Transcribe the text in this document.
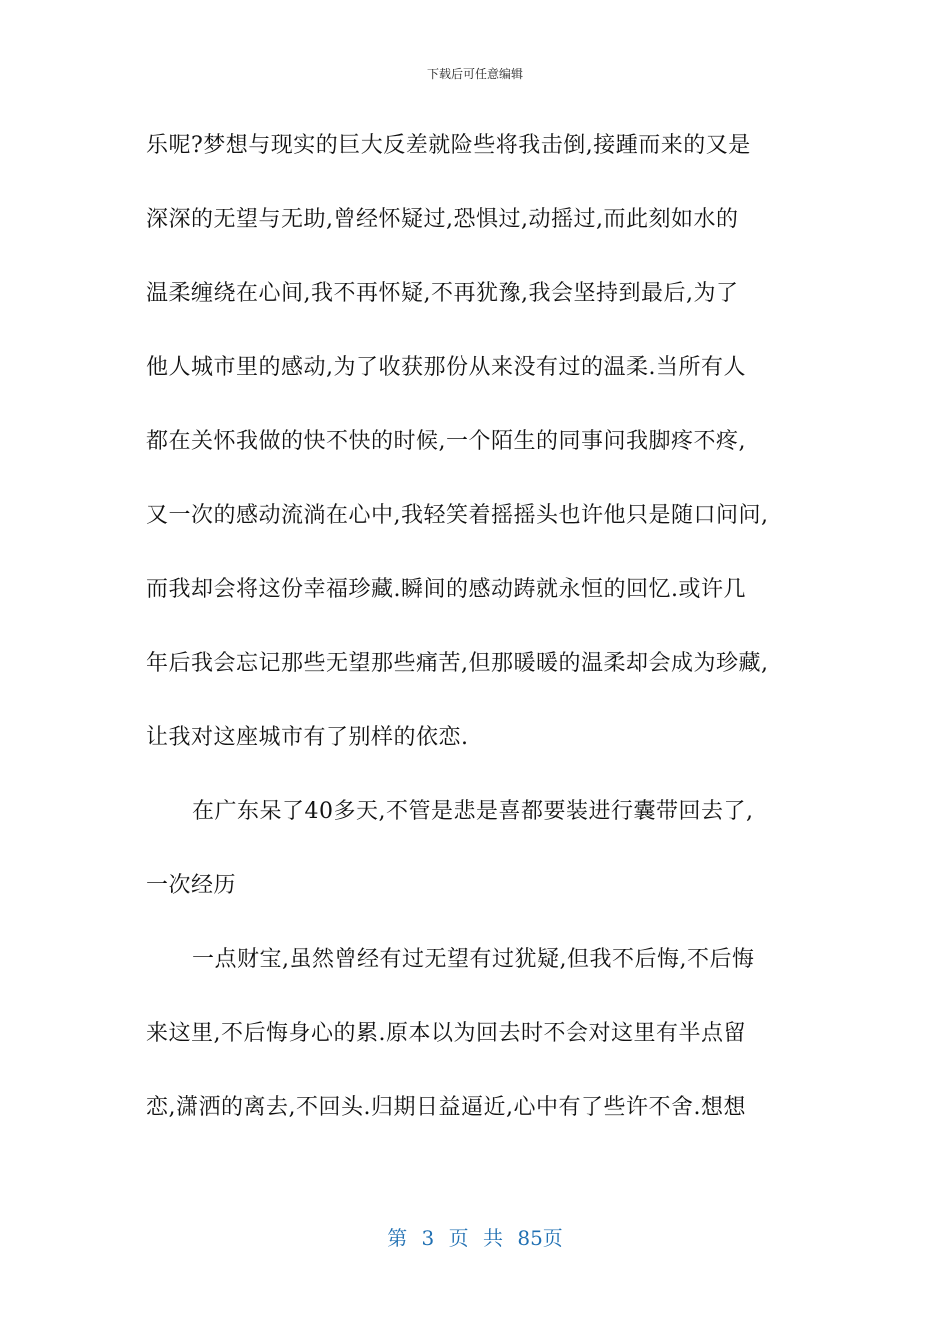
下载后可任意编辑
乐呢?梦想与现实的巨大反差就险些将我击倒,接踵而来的又是
深深的无望与无助,曾经怀疑过,恐惧过,动摇过,而此刻如水的
温柔缠绕在心间,我不再怀疑,不再犹豫,我会坚持到最后,为了
他人城市里的感动,为了收获那份从来没有过的温柔.当所有人
都在关怀我做的快不快的时候,一个陌生的同事问我脚疼不疼,
又一次的感动流淌在心中,我轻笑着摇摇头也许他只是随口问问,
而我却会将这份幸福珍藏.瞬间的感动踌就永恒的回忆.或许几
年后我会忘记那些无望那些痛苦,但那暖暖的温柔却会成为珍藏,
让我对这座城市有了别样的依恋.
在广东呆了40多天,不管是悲是喜都要装进行囊带回去了,
一次经历
一点财宝,虽然曾经有过无望有过犹疑,但我不后悔,不后悔
来这里,不后悔身心的累.原本以为回去时不会对这里有半点留
恋,潇洒的离去,不回头.归期日益逼近,心中有了些许不舍.想想
第 3 页 共 85页
